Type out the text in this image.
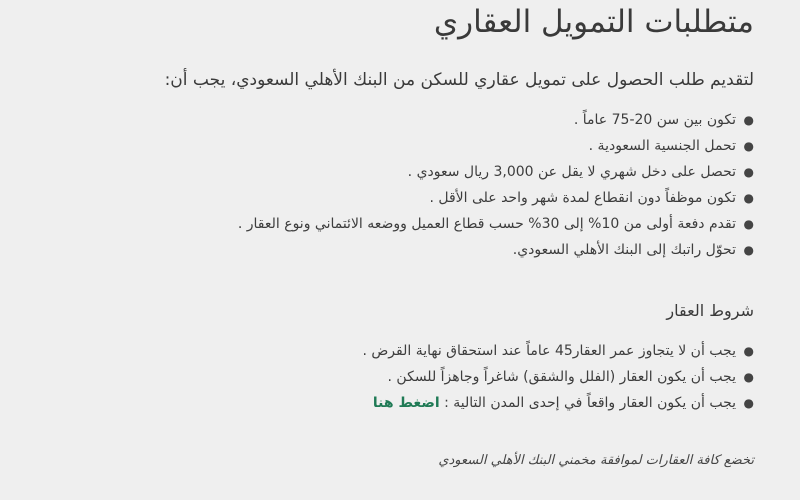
متطلبات التمويل العقاري

لتقديم طلب الحصول على تمويل عقاري للسكن من البنك الأهلي السعودي، يجب أن:

●
تكون بين سن 20-75 عاماً .
●
تحمل الجنسية السعودية .
●
تحصل على دخل شهري لا يقل عن 3,000 ريال سعودي .
●
تكون موظفاً دون انقطاع لمدة شهر واحد على الأقل .
●
تقدم دفعة أولى من 10% إلى 30% حسب قطاع العميل ووضعه الائتماني ونوع العقار .
●
تحوّل راتبك إلى البنك الأهلي السعودي.
شروط العقار
●
يجب أن لا يتجاوز عمر العقار45 عاماً عند استحقاق نهاية القرض .
●
يجب أن يكون العقار (الفلل والشقق) شاغراً وجاهزاً للسكن .
●
يجب أن يكون العقار واقعاً في إحدى المدن التالية : اضغط هنا

تخضع كافة العقارات لموافقة مخمني البنك الأهلي السعودي
